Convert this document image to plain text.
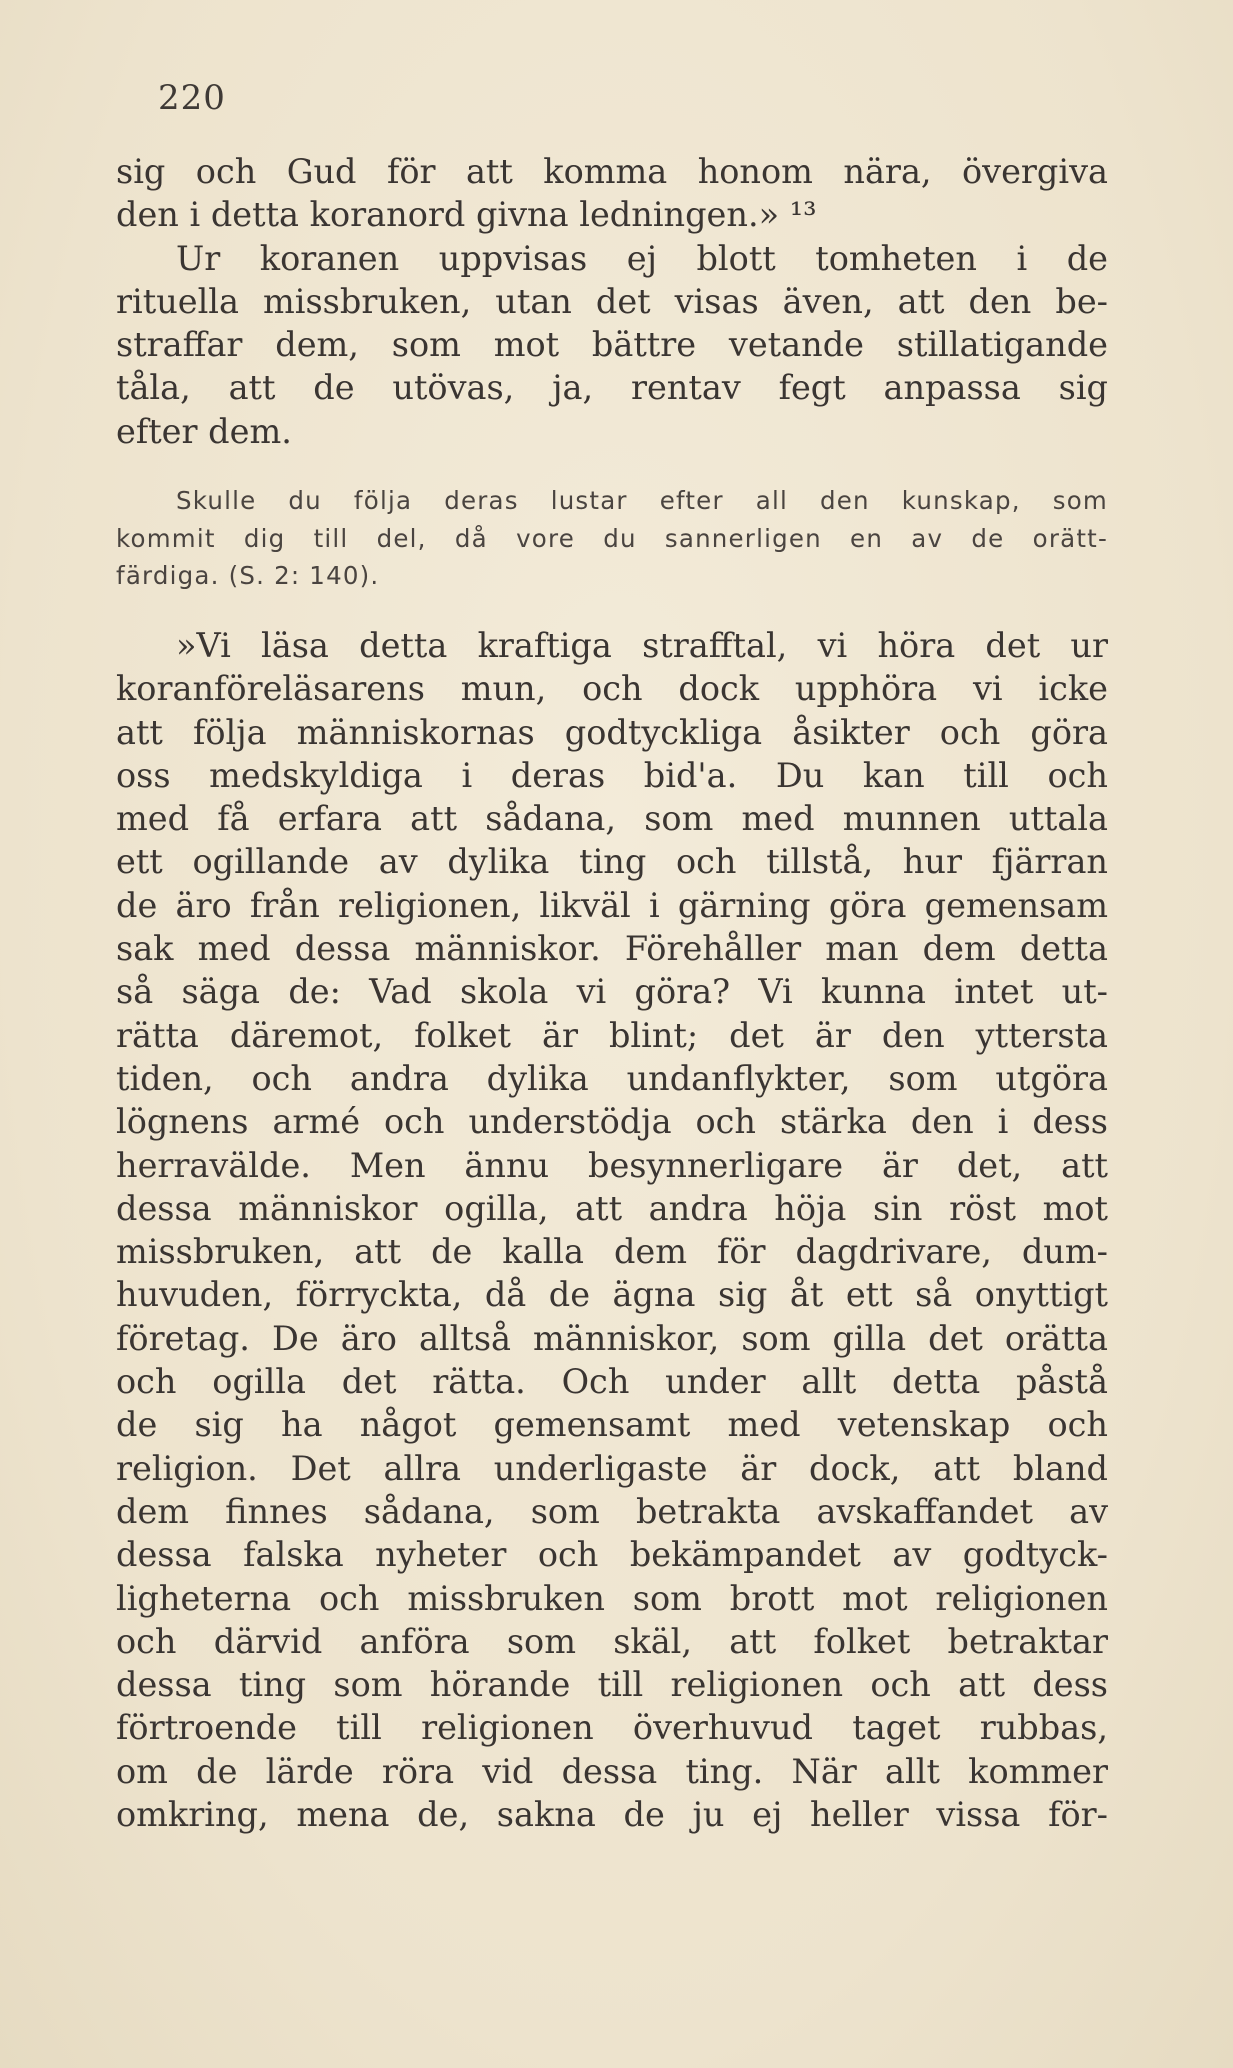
220
sig och Gud för att komma honom nära, övergiva
den i detta koranord givna ledningen.» ¹³
Ur koranen uppvisas ej blott tomheten i de
rituella missbruken, utan det visas även, att den be-
straffar dem, som mot bättre vetande stillatigande
tåla, att de utövas, ja, rentav fegt anpassa sig
efter dem.
Skulle du följa deras lustar efter all den kunskap, som
kommit dig till del, då vore du sannerligen en av de orätt-
färdiga. (S. 2: 140).
»Vi läsa detta kraftiga strafftal, vi höra det ur
koranföreläsarens mun, och dock upphöra vi icke
att följa människornas godtyckliga åsikter och göra
oss medskyldiga i deras bid'a. Du kan till och
med få erfara att sådana, som med munnen uttala
ett ogillande av dylika ting och tillstå, hur fjärran
de äro från religionen, likväl i gärning göra gemensam
sak med dessa människor. Förehåller man dem detta
så säga de: Vad skola vi göra? Vi kunna intet ut-
rätta däremot, folket är blint; det är den yttersta
tiden, och andra dylika undanflykter, som utgöra
lögnens armé och understödja och stärka den i dess
herravälde. Men ännu besynnerligare är det, att
dessa människor ogilla, att andra höja sin röst mot
missbruken, att de kalla dem för dagdrivare, dum-
huvuden, förryckta, då de ägna sig åt ett så onyttigt
företag. De äro alltså människor, som gilla det orätta
och ogilla det rätta. Och under allt detta påstå
de sig ha något gemensamt med vetenskap och
religion. Det allra underligaste är dock, att bland
dem finnes sådana, som betrakta avskaffandet av
dessa falska nyheter och bekämpandet av godtyck-
ligheterna och missbruken som brott mot religionen
och därvid anföra som skäl, att folket betraktar
dessa ting som hörande till religionen och att dess
förtroende till religionen överhuvud taget rubbas,
om de lärde röra vid dessa ting. När allt kommer
omkring, mena de, sakna de ju ej heller vissa för-
